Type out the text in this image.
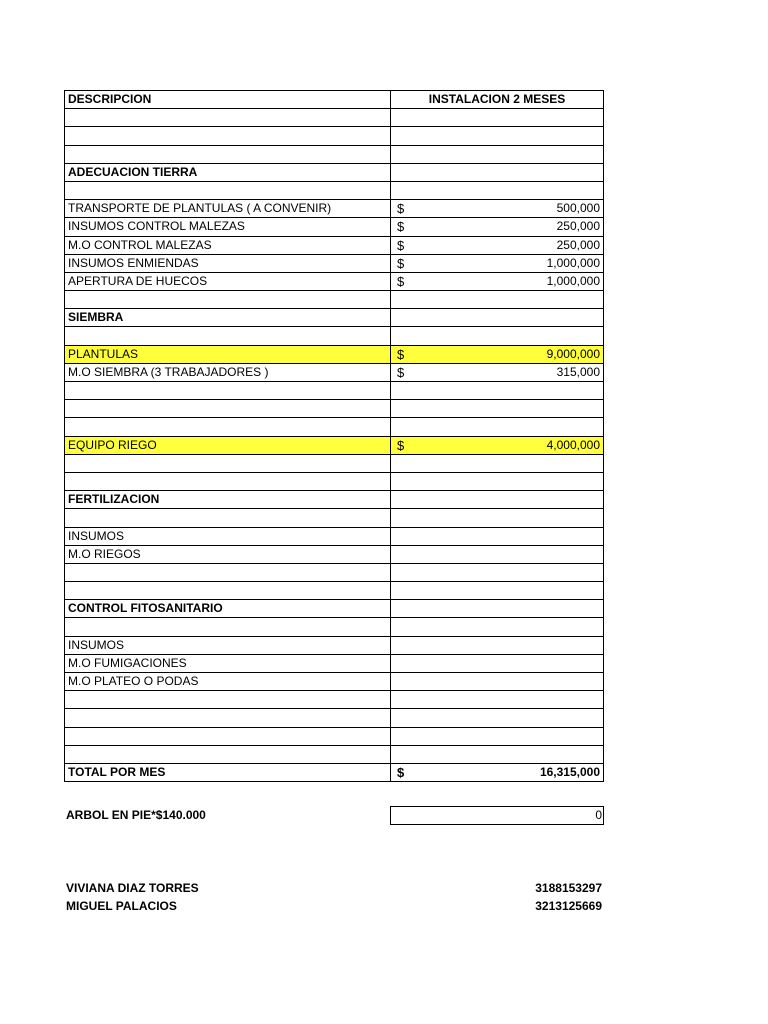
DESCRIPCION	INSTALACION 2 MESES

ADECUACION TIERRA	

TRANSPORTE DE PLANTULAS ( A CONVENIR)	$ 500,000

INSUMOS CONTROL MALEZAS	$ 250,000

M.O CONTROL MALEZAS	$ 250,000

INSUMOS ENMIENDAS	$ 1,000,000

APERTURA DE HUECOS	$ 1,000,000

SIEMBRA	

PLANTULAS	$ 9,000,000

M.O SIEMBRA (3 TRABAJADORES )	$ 315,000

EQUIPO RIEGO	$ 4,000,000

FERTILIZACION	

INSUMOS	
M.O RIEGOS	

CONTROL FITOSANITARIO	

INSUMOS	
M.O FUMIGACIONES	
M.O PLATEO O PODAS	

TOTAL POR MES	$ 16,315,000
ARBOL EN PIE*$140.000	0
VIVIANA DIAZ TORRES	3188153297
MIGUEL PALACIOS	3213125669
